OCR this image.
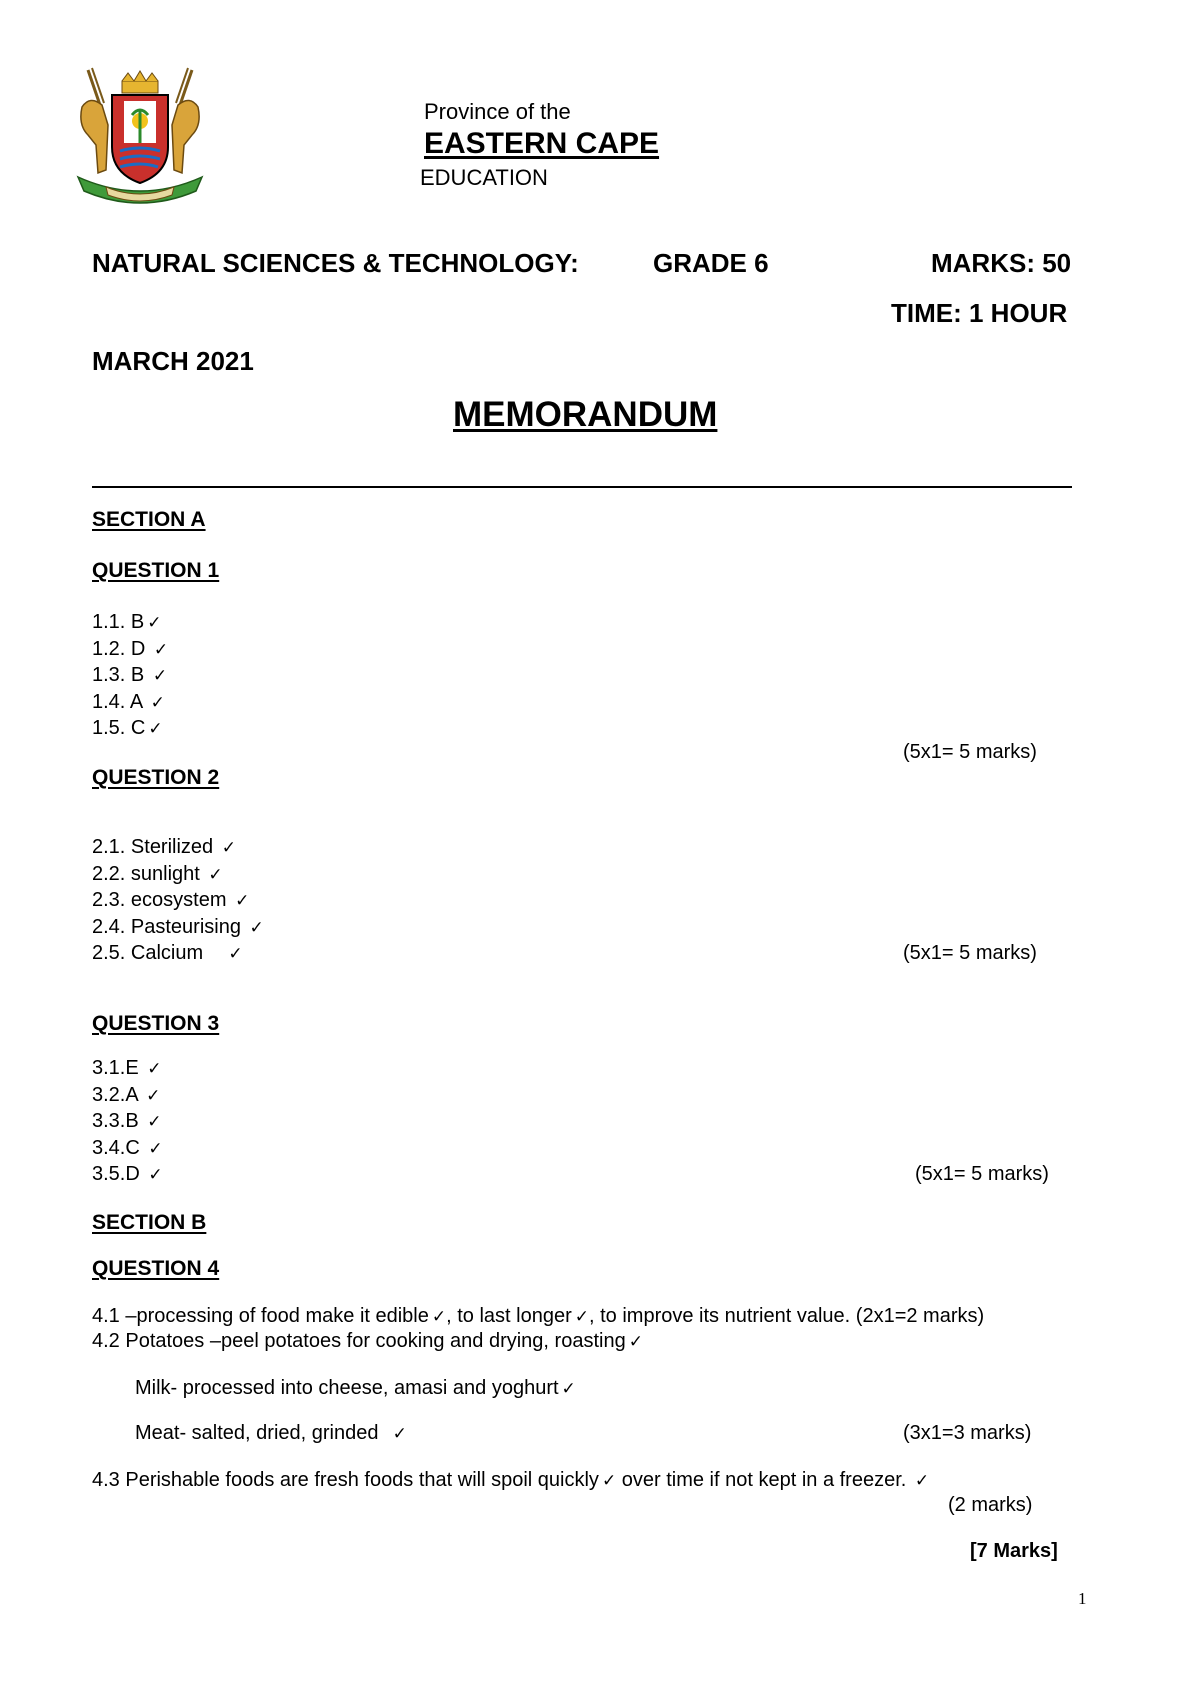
Province of the
EASTERN CAPE
EDUCATION
NATURAL SCIENCES & TECHNOLOGY:	GRADE 6	MARKS: 50
TIME: 1 HOUR
MARCH 2021
MEMORANDUM
SECTION A
QUESTION 1
1.1. B ✓
1.2. D ✓
1.3. B ✓
1.4. A ✓
1.5. C ✓
(5x1= 5 marks)
QUESTION 2
2.1. Sterilized ✓
2.2. sunlight ✓
2.3. ecosystem ✓
2.4. Pasteurising ✓
2.5. Calcium    ✓	(5x1= 5 marks)
QUESTION 3
3.1.E ✓
3.2.A ✓
3.3.B ✓
3.4.C ✓
3.5.D ✓	(5x1= 5 marks)
SECTION B
QUESTION 4
4.1 –processing of food make it edible ✓, to last longer ✓, to improve its nutrient value. (2x1=2 marks)
4.2 Potatoes –peel potatoes for cooking and drying, roasting ✓
Milk- processed into cheese, amasi and yoghurt ✓
Meat- salted, dried, grinded  ✓	(3x1=3 marks)
4.3 Perishable foods are fresh foods that will spoil quickly ✓ over time if not kept in a freezer. ✓
(2 marks)
[7 Marks]
1
